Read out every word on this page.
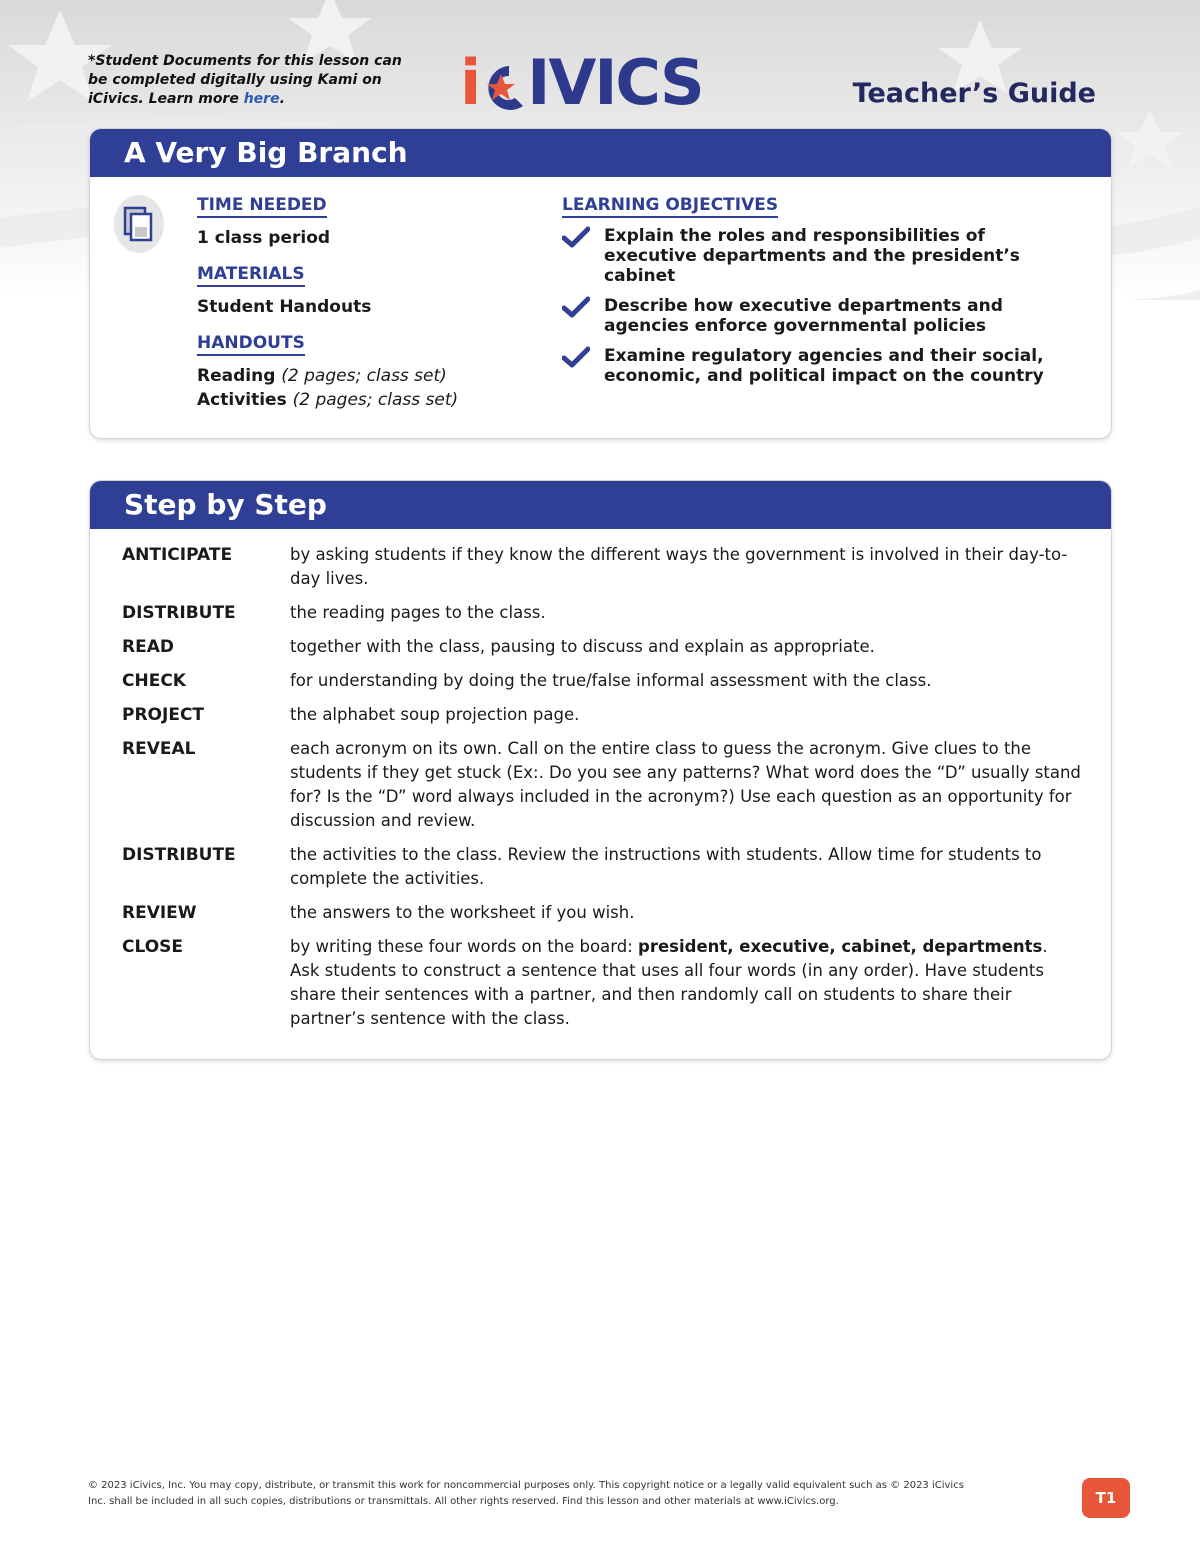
*Student Documents for this lesson can be completed digitally using Kami on iCivics. Learn more here.	i IVICS	Teacher’s Guide
A Very Big Branch
TIME NEEDED
1 class period
MATERIALS
Student Handouts
HANDOUTS
Reading (2 pages; class set)
Activities (2 pages; class set)
LEARNING OBJECTIVES
Explain the roles and responsibilities of executive departments and the president’s cabinet
Describe how executive departments and agencies enforce governmental policies
Examine regulatory agencies and their social, economic, and political impact on the country
Step by Step
ANTICIPATE	by asking students if they know the different ways the government is involved in their day-to-day lives.
DISTRIBUTE	the reading pages to the class.
READ	together with the class, pausing to discuss and explain as appropriate.
CHECK	for understanding by doing the true/false informal assessment with the class.
PROJECT	the alphabet soup projection page.
REVEAL	each acronym on its own. Call on the entire class to guess the acronym. Give clues to the students if they get stuck (Ex:. Do you see any patterns? What word does the “D” usually stand for? Is the “D” word always included in the acronym?) Use each question as an opportunity for discussion and review.
DISTRIBUTE	the activities to the class. Review the instructions with students. Allow time for students to complete the activities.
REVIEW	the answers to the worksheet if you wish.
CLOSE	by writing these four words on the board: president, executive, cabinet, departments. Ask students to construct a sentence that uses all four words (in any order). Have students share their sentences with a partner, and then randomly call on students to share their partner’s sentence with the class.
© 2023 iCivics, Inc. You may copy, distribute, or transmit this work for noncommercial purposes only. This copyright notice or a legally valid equivalent such as © 2023 iCivics Inc. shall be included in all such copies, distributions or transmittals. All other rights reserved. Find this lesson and other materials at www.iCivics.org.	T1
